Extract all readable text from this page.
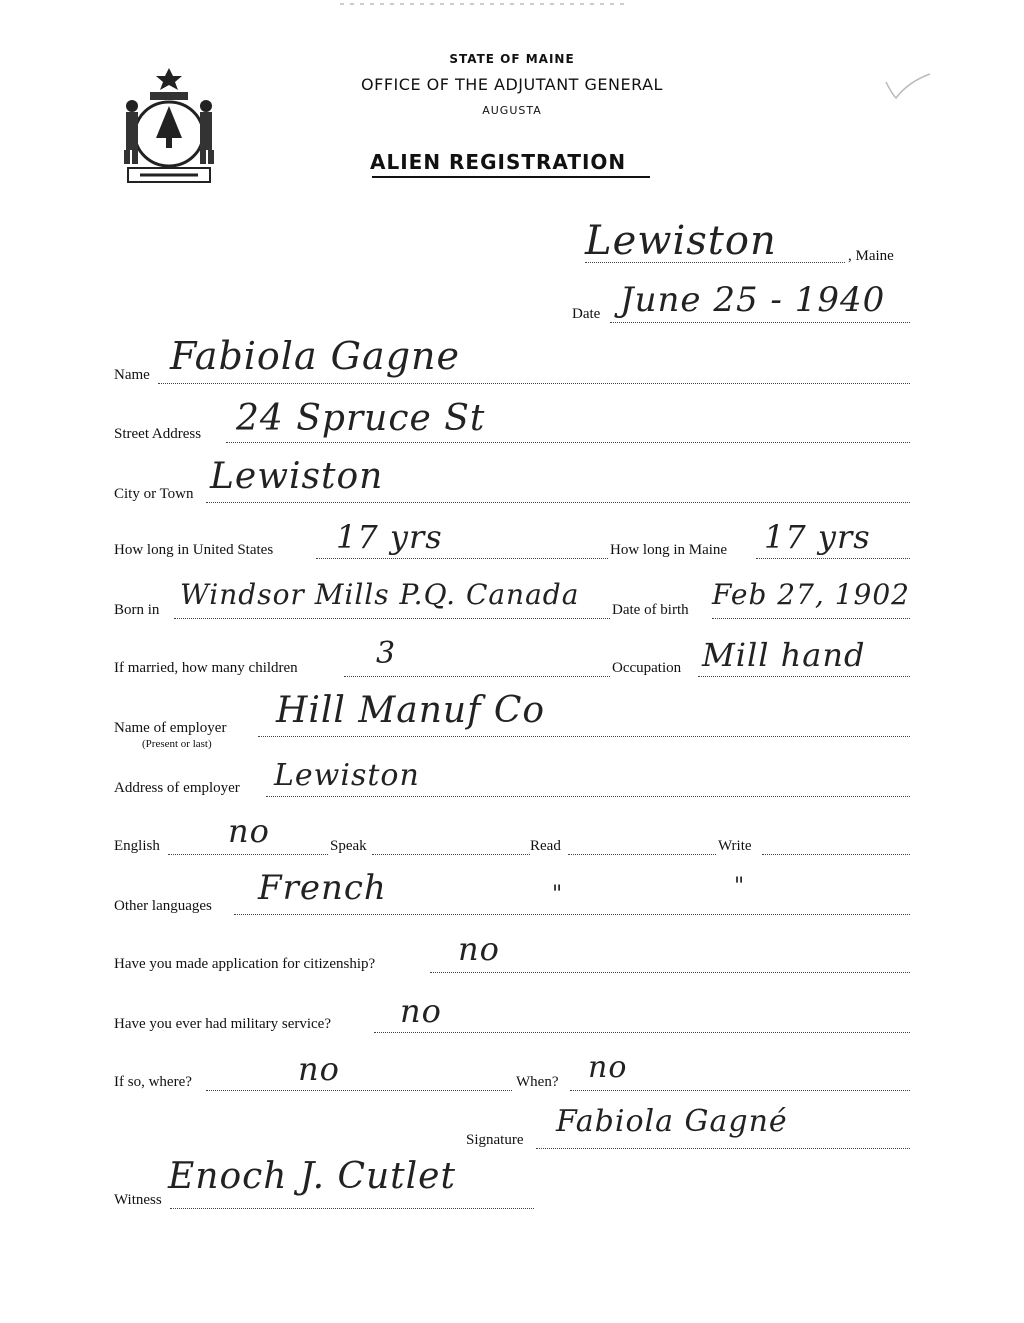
STATE OF MAINE
OFFICE OF THE ADJUTANT GENERAL
AUGUSTA
ALIEN REGISTRATION
Lewiston	, Maine
Date June 25 - 1940
Name Fabiola Gagne
Street Address 24 Spruce St
City or Town Lewiston
How long in United States 17 yrs	How long in Maine 17 yrs
Born in Windsor Mills P.Q. Canada Date of birth Feb 27, 1902
If married, how many children	3	Occupation Mill hand
Name of employer
(Present or last)
Hill Manuf Co
Address of employer Lewiston
English no	Speak	Read	Write
Other languages French	"	"
Have you made application for citizenship?	no
Have you ever had military service? no
If so, where?	no	When? no
Signature
Fabiola Gagné
Witness
Enoch J. Cutlet
